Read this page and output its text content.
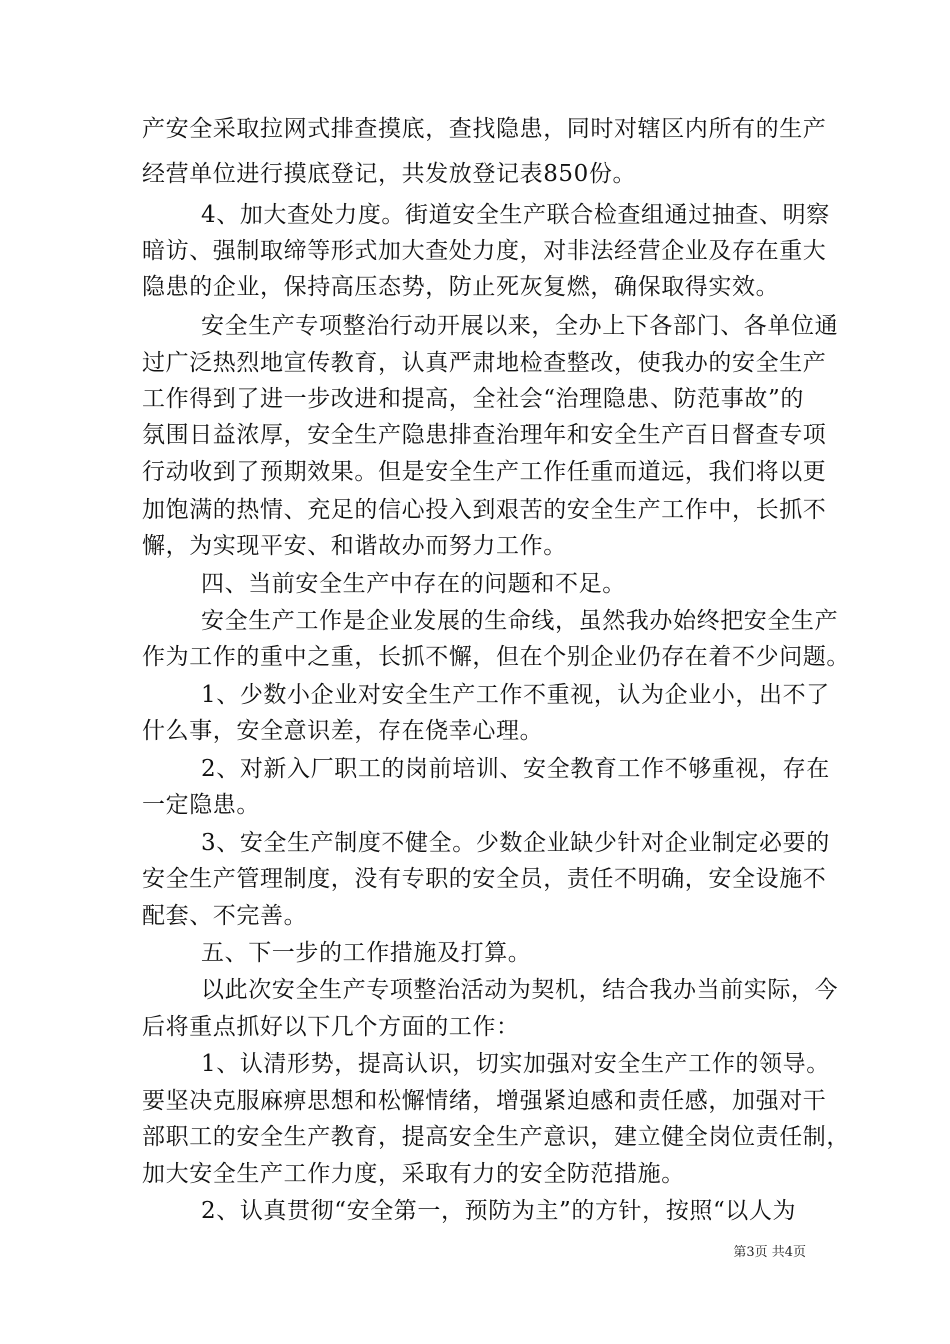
产安全采取拉网式排查摸底，查找隐患，同时对辖区内所有的生产

经营单位进行摸底登记，共发放登记表850份。

4、加大查处力度。街道安全生产联合检查组通过抽查、明察

暗访、强制取缔等形式加大查处力度，对非法经营企业及存在重大

隐患的企业，保持高压态势，防止死灰复燃，确保取得实效。

安全生产专项整治行动开展以来，全办上下各部门、各单位通

过广泛热烈地宣传教育，认真严肃地检查整改，使我办的安全生产

工作得到了进一步改进和提高，全社会“治理隐患、防范事故”的

氛围日益浓厚，安全生产隐患排查治理年和安全生产百日督查专项

行动收到了预期效果。但是安全生产工作任重而道远，我们将以更

加饱满的热情、充足的信心投入到艰苦的安全生产工作中，长抓不

懈，为实现平安、和谐故办而努力工作。

四、当前安全生产中存在的问题和不足。

安全生产工作是企业发展的生命线，虽然我办始终把安全生产

作为工作的重中之重，长抓不懈，但在个别企业仍存在着不少问题。

1、少数小企业对安全生产工作不重视，认为企业小，出不了

什么事，安全意识差，存在侥幸心理。

2、对新入厂职工的岗前培训、安全教育工作不够重视，存在

一定隐患。

3、安全生产制度不健全。少数企业缺少针对企业制定必要的

安全生产管理制度，没有专职的安全员，责任不明确，安全设施不

配套、不完善。

五、下一步的工作措施及打算。

以此次安全生产专项整治活动为契机，结合我办当前实际，今

后将重点抓好以下几个方面的工作：

1、认清形势，提高认识，切实加强对安全生产工作的领导。

要坚决克服麻痹思想和松懈情绪，增强紧迫感和责任感，加强对干

部职工的安全生产教育，提高安全生产意识，建立健全岗位责任制，

加大安全生产工作力度，采取有力的安全防范措施。

2、认真贯彻“安全第一，预防为主”的方针，按照“以人为

第3页 共4页
